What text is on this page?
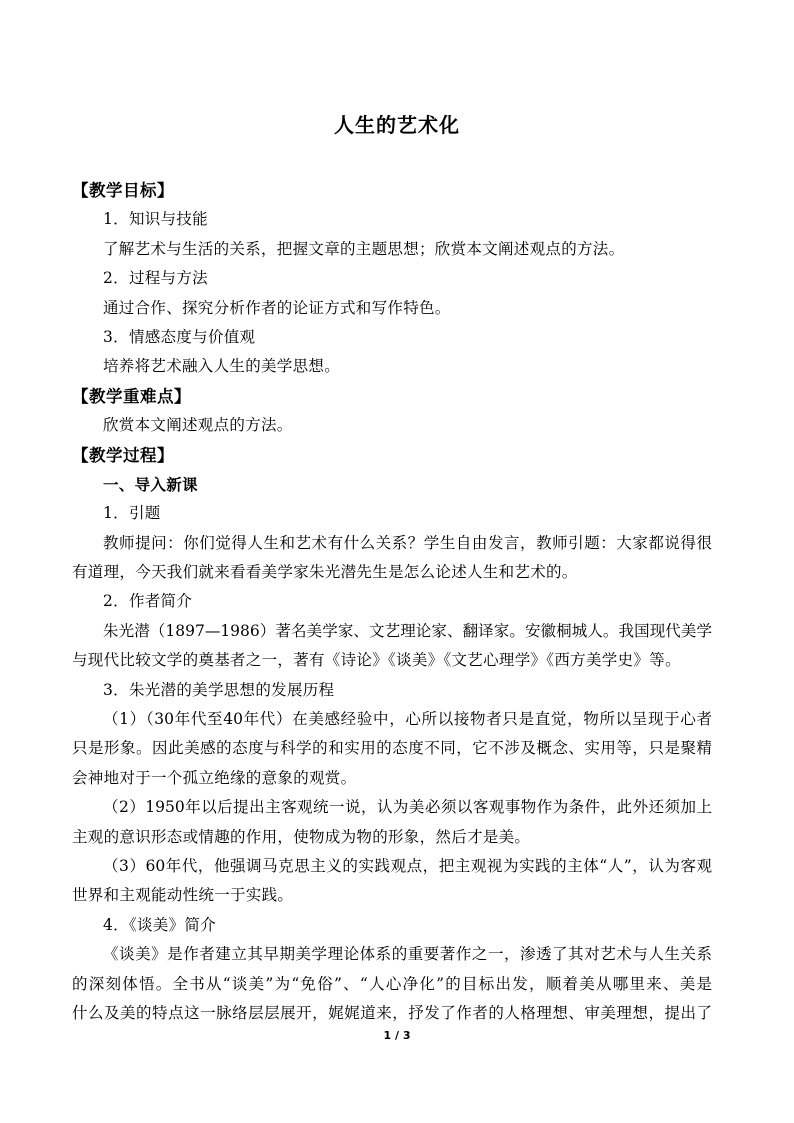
人生的艺术化
【教学目标】
1．知识与技能
了解艺术与生活的关系，把握文章的主题思想；欣赏本文阐述观点的方法。
2．过程与方法
通过合作、探究分析作者的论证方式和写作特色。
3．情感态度与价值观
培养将艺术融入人生的美学思想。
【教学重难点】
欣赏本文阐述观点的方法。
【教学过程】
一、导入新课
1．引题
教师提问：你们觉得人生和艺术有什么关系？学生自由发言，教师引题：大家都说得很
有道理，今天我们就来看看美学家朱光潜先生是怎么论述人生和艺术的。
2．作者简介
朱光潜（1897—1986）著名美学家、文艺理论家、翻译家。安徽桐城人。我国现代美学
与现代比较文学的奠基者之一，著有《诗论》《谈美》《文艺心理学》《西方美学史》等。
3．朱光潜的美学思想的发展历程
（1）（30年代至40年代）在美感经验中，心所以接物者只是直觉，物所以呈现于心者
只是形象。因此美感的态度与科学的和实用的态度不同，它不涉及概念、实用等，只是聚精
会神地对于一个孤立绝缘的意象的观赏。
（2）1950年以后提出主客观统一说，认为美必须以客观事物作为条件，此外还须加上
主观的意识形态或情趣的作用，使物成为物的形象，然后才是美。
（3）60年代，他强调马克思主义的实践观点，把主观视为实践的主体“人”，认为客观
世界和主观能动性统一于实践。
4．《谈美》简介
《谈美》是作者建立其早期美学理论体系的重要著作之一，渗透了其对艺术与人生关系
的深刻体悟。全书从“谈美”为“免俗”、“人心净化”的目标出发，顺着美从哪里来、美是
什么及美的特点这一脉络层层展开，娓娓道来，抒发了作者的人格理想、审美理想，提出了
1 / 3
